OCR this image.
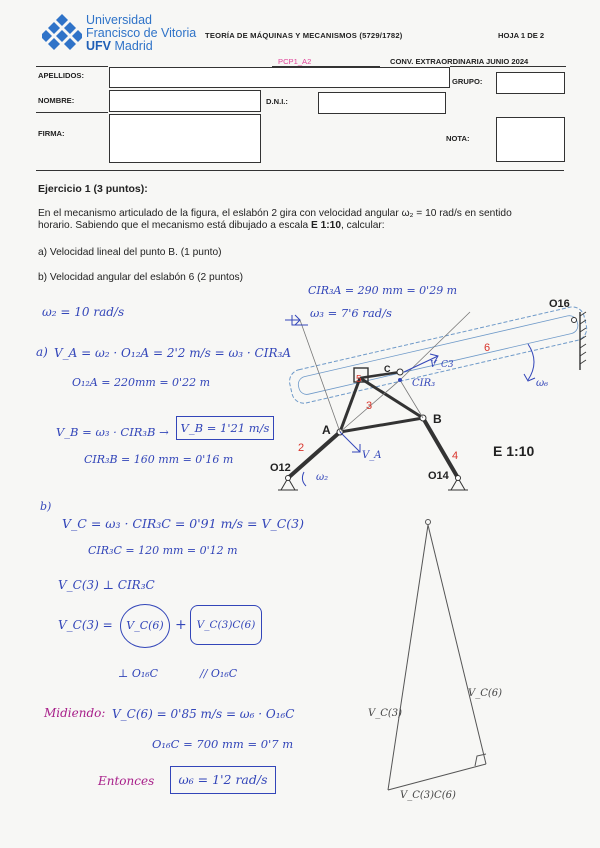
Universidad
Francisco de Vitoria
UFV Madrid
TEORÍA DE MÁQUINAS Y MECANISMOS (5729/1782)	HOJA 1 DE 2
PCP1_A2	CONV. EXTRAORDINARIA JUNIO 2024
APELLIDOS:
GRUPO:
NOMBRE:	D.N.I.:
FIRMA:
NOTA:
Ejercicio 1 (3 puntos):
En el mecanismo articulado de la figura, el eslabón 2 gira con velocidad angular ω₂ = 10 rad/s en sentido
horario. Sabiendo que el mecanismo está dibujado a escala E 1:10, calcular:
a) Velocidad lineal del punto B. (1 punto)
b) Velocidad angular del eslabón 6 (2 puntos)
ω₂ = 10 rad/s
CIR₃A = 290 mm = 0'29 m
ω₃ = 7'6 rad/s
a) V_A = ω₂ · O₁₂A = 2'2 m/s = ω₃ · CIR₃A
O₁₂A = 220mm = 0'22 m
V_B = ω₃ · CIR₃B →	V_B = 1'21 m/s
CIR₃B = 160 mm = 0'16 m
b)
V_C = ω₃ · CIR₃C = 0'91 m/s = V_C(3)
CIR₃C = 120 mm = 0'12 m
V_C(3) ⊥ CIR₃C
V_C(3) =	V_C(6) + V_C(3)C(6)
⊥ O₁₆C	// O₁₆C
Midiendo: V_C(6) = 0'85 m/s = ω₆ · O₁₆C
O₁₆C = 700 mm = 0'7 m
Entonces	ω₆ = 1'2 rad/s
O16
O12
O14
A
B
C
2
3
4
5
6
E 1:10
CIR₃
V_A
ω₂
ω₆
V_C3
V_C(3)
V_C(6)
V_C(3)C(6)
